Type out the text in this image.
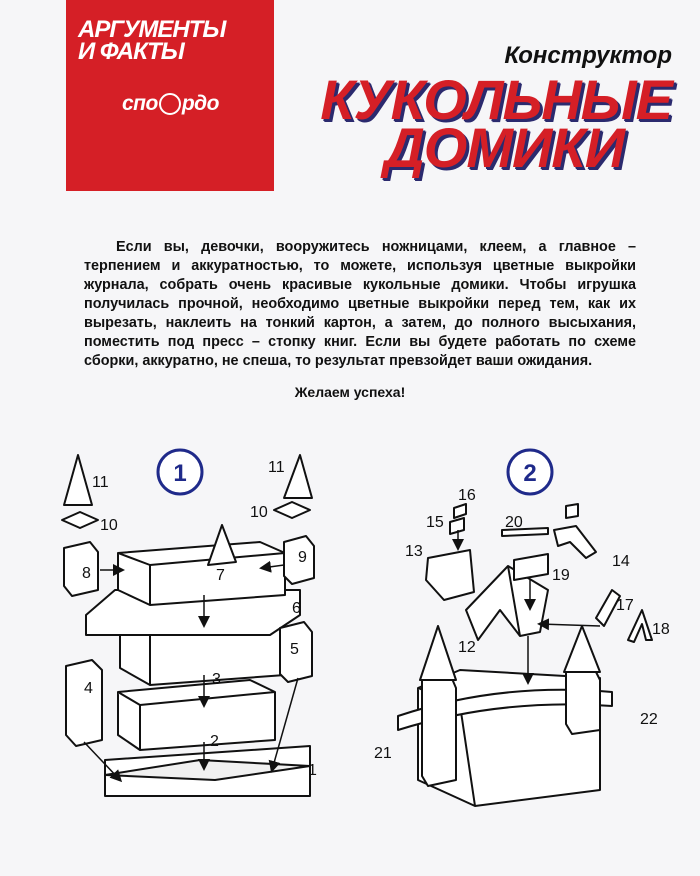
АРГУМЕНТЫ
И ФАКТЫ
спо рдо
Конструктор
КУКОЛЬНЫЕ
ДОМИКИ

Если вы, девочки, вооружитесь ножницами, клеем, а главное – терпением и аккуратностью, то можете, используя цветные выкройки журнала, собрать очень красивые кукольные домики. Чтобы игрушка получилась прочной, необходимо цветные выкройки перед тем, как их вырезать, наклеить на тонкий картон, а затем, до полного высыхания, поместить под пресс – стопку книг. Если вы будете работать по схеме сборки, аккуратно, не спеша, то результат превзойдет ваши ожидания.

Желаем успеха!
1	2
11
10
11
10
8	7
9
6
5
4
3
2
1
16
15	20
13
14
19
17
18
12
22
21
